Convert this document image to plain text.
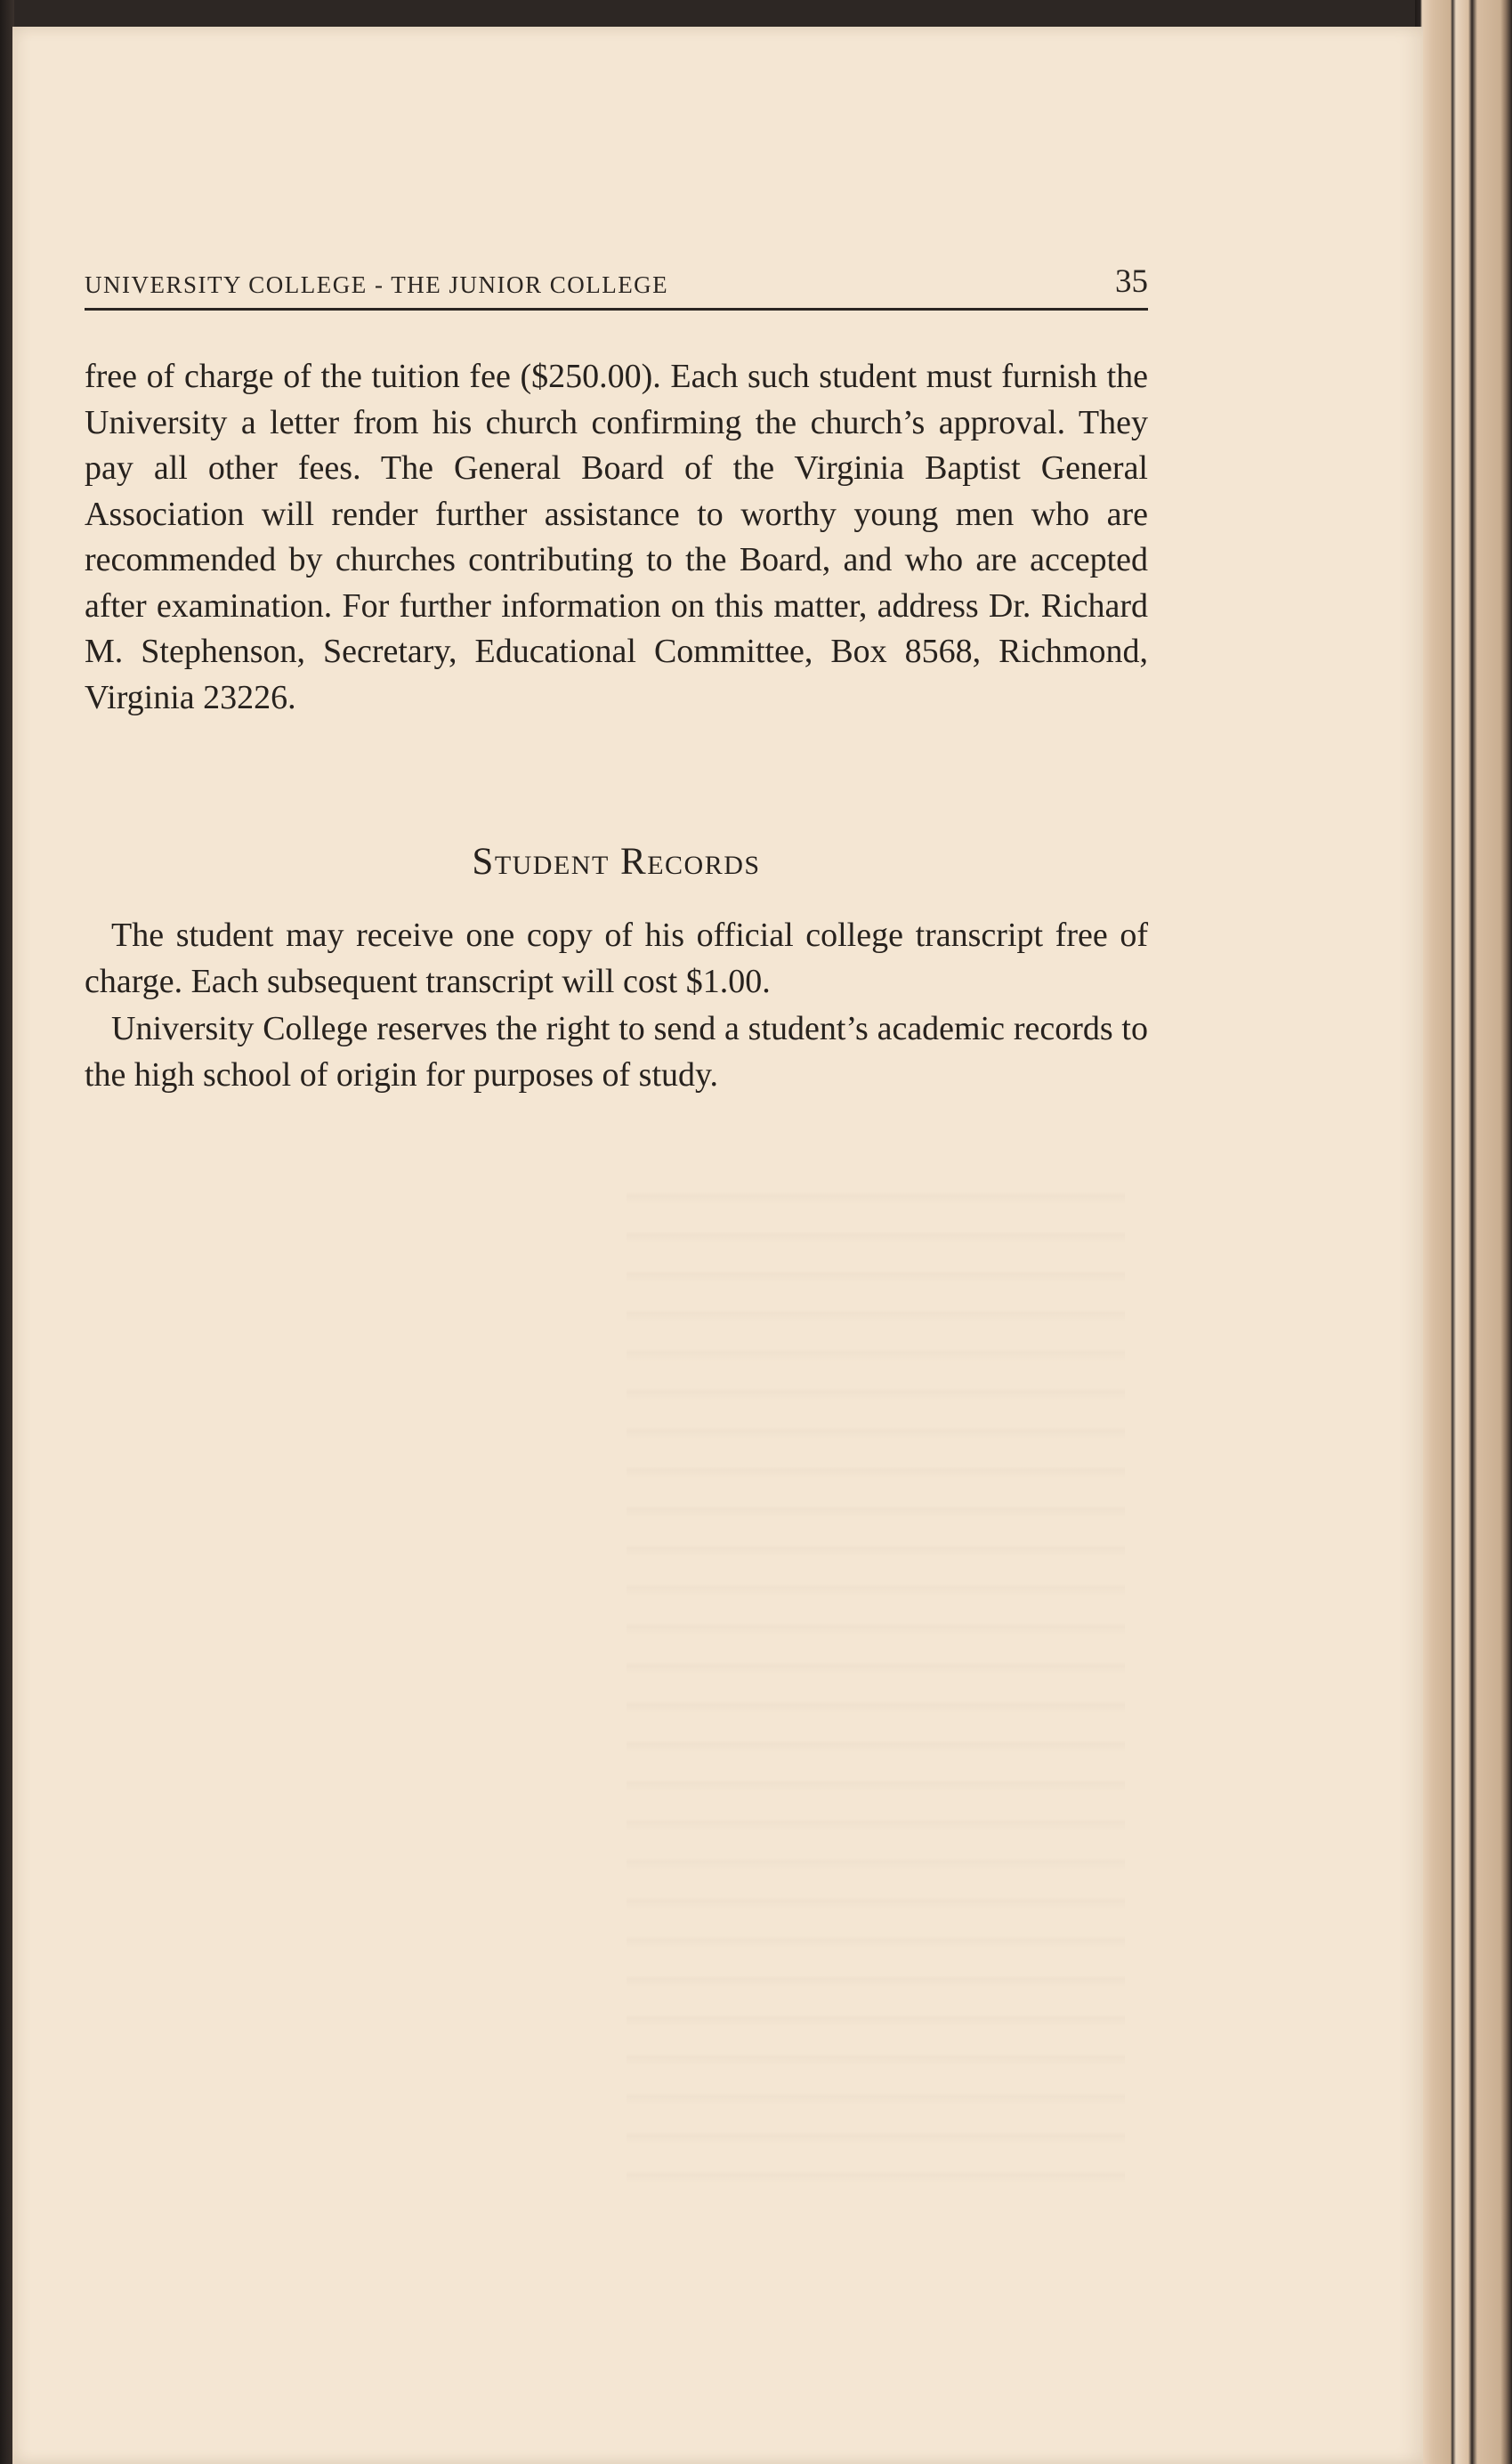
UNIVERSITY COLLEGE - THE JUNIOR COLLEGE	35
free of charge of the tuition fee ($250.00). Each such student must furnish the University a letter from his church confirming the church’s approval. They pay all other fees. The General Board of the Virginia Baptist General Association will render further assistance to worthy young men who are recommended by churches contributing to the Board, and who are accepted after examination. For further information on this matter, address Dr. Richard M. Stephenson, Secretary, Educational Committee, Box 8568, Richmond, Virginia 23226.
Student Records
The student may receive one copy of his official college transcript free of charge. Each subsequent transcript will cost $1.00.
University College reserves the right to send a student’s academic records to the high school of origin for purposes of study.
